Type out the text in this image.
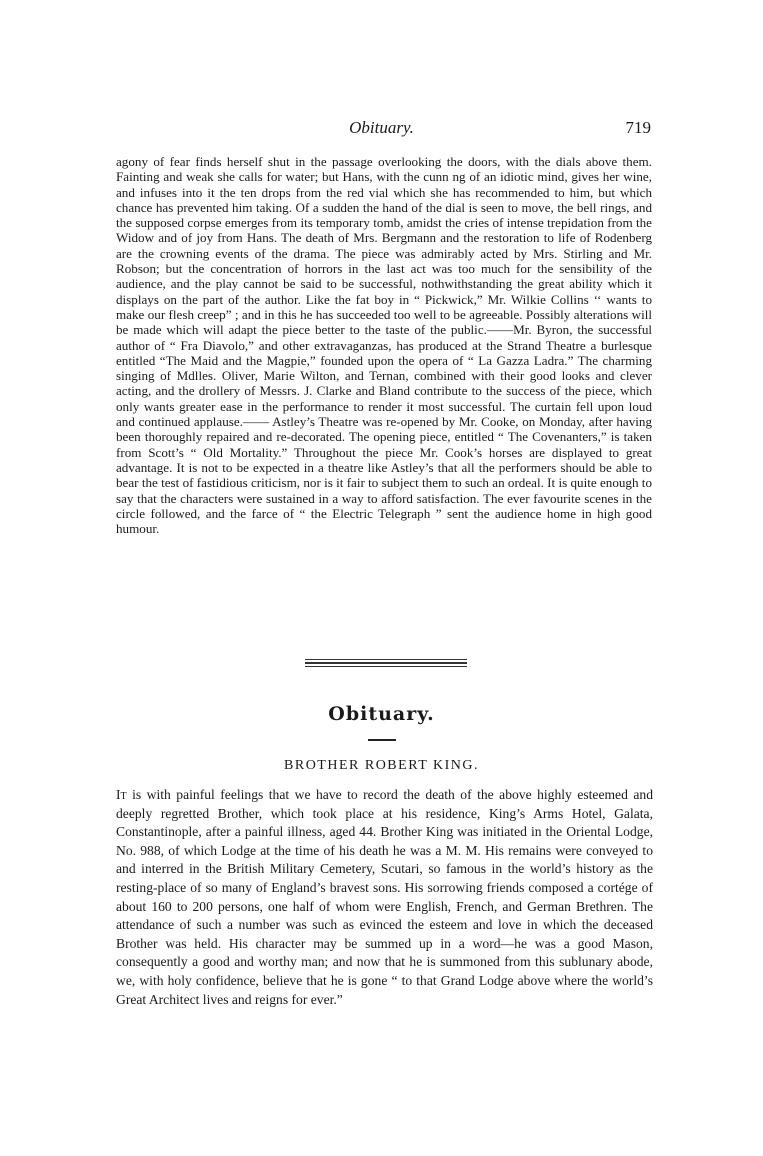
Obituary.	719

agony of fear finds herself shut in the passage overlooking the doors, with the dials above them. Fainting and weak she calls for water; but Hans, with the cunn ng of an idiotic mind, gives her wine, and infuses into it the ten drops from the red vial which she has recommended to him, but which chance has prevented him taking. Of a sudden the hand of the dial is seen to move, the bell rings, and the supposed corpse emerges from its temporary tomb, amidst the cries of intense trepidation from the Widow and of joy from Hans. The death of Mrs. Bergmann and the restoration to life of Rodenberg are the crowning events of the drama. The piece was admirably acted by Mrs. Stirling and Mr. Robson; but the concentration of horrors in the last act was too much for the sensibility of the audience, and the play cannot be said to be successful, nothwithstanding the great ability which it displays on the part of the author. Like the fat boy in “ Pickwick,” Mr. Wilkie Collins ‘‘ wants to make our flesh creep” ; and in this he has succeeded too well to be agreeable. Possibly alterations will be made which will adapt the piece better to the taste of the public.——Mr. Byron, the successful author of “ Fra Diavolo,” and other extravaganzas, has produced at the Strand Theatre a burlesque entitled “The Maid and the Magpie,” founded upon the opera of “ La Gazza Ladra.” The charming singing of Mdlles. Oliver, Marie Wilton, and Ternan, combined with their good looks and clever acting, and the drollery of Messrs. J. Clarke and Bland contribute to the success of the piece, which only wants greater ease in the performance to render it most successful. The curtain fell upon loud and continued applause.—— Astley’s Theatre was re-opened by Mr. Cooke, on Monday, after having been thoroughly repaired and re-decorated. The opening piece, entitled “ The Covenanters,” is taken from Scott’s “ Old Mortality.” Throughout the piece Mr. Cook’s horses are displayed to great advantage. It is not to be expected in a theatre like Astley’s that all the performers should be able to bear the test of fastidious criticism, nor is it fair to subject them to such an ordeal. It is quite enough to say that the characters were sustained in a way to afford satisfaction. The ever favourite scenes in the circle followed, and the farce of “ the Electric Telegraph ” sent the audience home in high good humour.

Obituary.
BROTHER ROBERT KING.

It is with painful feelings that we have to record the death of the above highly esteemed and deeply regretted Brother, which took place at his residence, King’s Arms Hotel, Galata, Constantinople, after a painful illness, aged 44. Brother King was initiated in the Oriental Lodge, No. 988, of which Lodge at the time of his death he was a M. M. His remains were conveyed to and interred in the British Military Cemetery, Scutari, so famous in the world’s history as the resting-place of so many of England’s bravest sons. His sorrowing friends composed a cortége of about 160 to 200 persons, one half of whom were English, French, and German Brethren. The attendance of such a number was such as evinced the esteem and love in which the deceased Brother was held. His character may be summed up in a word—he was a good Mason, consequently a good and worthy man; and now that he is summoned from this sublunary abode, we, with holy confidence, believe that he is gone “ to that Grand Lodge above where the world’s Great Architect lives and reigns for ever.”
